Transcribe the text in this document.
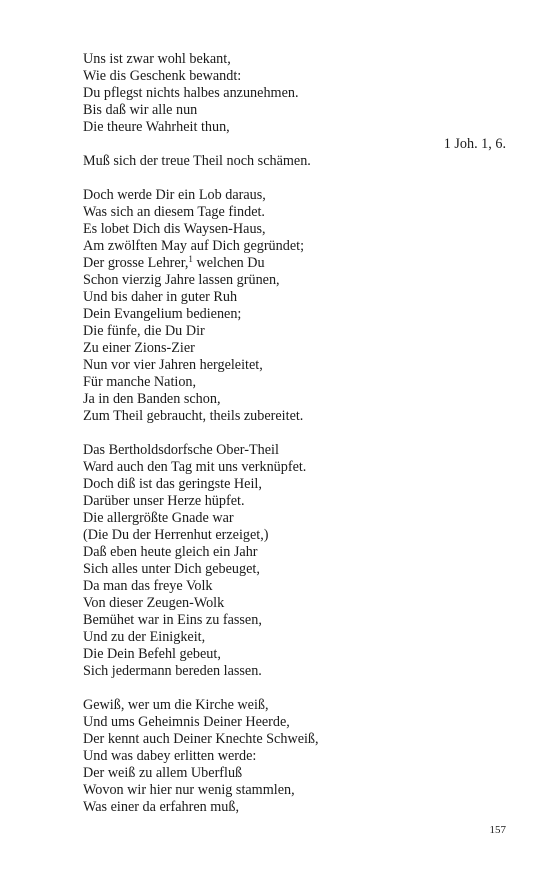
Uns ist zwar wohl bekant,
Wie dis Geschenk bewandt:
Du pflegst nichts halbes anzunehmen.
Bis daß wir alle nun
Die theure Wahrheit thun,
1 Joh. 1, 6.
Muß sich der treue Theil noch schämen.
Doch werde Dir ein Lob daraus,
Was sich an diesem Tage findet.
Es lobet Dich dis Waysen-Haus,
Am zwölften May auf Dich gegründet;
Der grosse Lehrer,$^1$ welchen Du
Schon vierzig Jahre lassen grünen,
Und bis daher in guter Ruh
Dein Evangelium bedienen;
Die fünfe, die Du Dir
Zu einer Zions-Zier
Nun vor vier Jahren hergeleitet,
Für manche Nation,
Ja in den Banden schon,
Zum Theil gebraucht, theils zubereitet.
Das Bertholdsdorfsche Ober-Theil
Ward auch den Tag mit uns verknüpfet.
Doch diß ist das geringste Heil,
Darüber unser Herze hüpfet.
Die allergrößte Gnade war
(Die Du der Herrenhut erzeiget,)
Daß eben heute gleich ein Jahr
Sich alles unter Dich gebeuget,
Da man das freye Volk
Von dieser Zeugen-Wolk
Bemühet war in Eins zu fassen,
Und zu der Einigkeit,
Die Dein Befehl gebeut,
Sich jedermann bereden lassen.
Gewiß, wer um die Kirche weiß,
Und ums Geheimnis Deiner Heerde,
Der kennt auch Deiner Knechte Schweiß,
Und was dabey erlitten werde:
Der weiß zu allem Uberfluß
Wovon wir hier nur wenig stammlen,
Was einer da erfahren muß,
157
